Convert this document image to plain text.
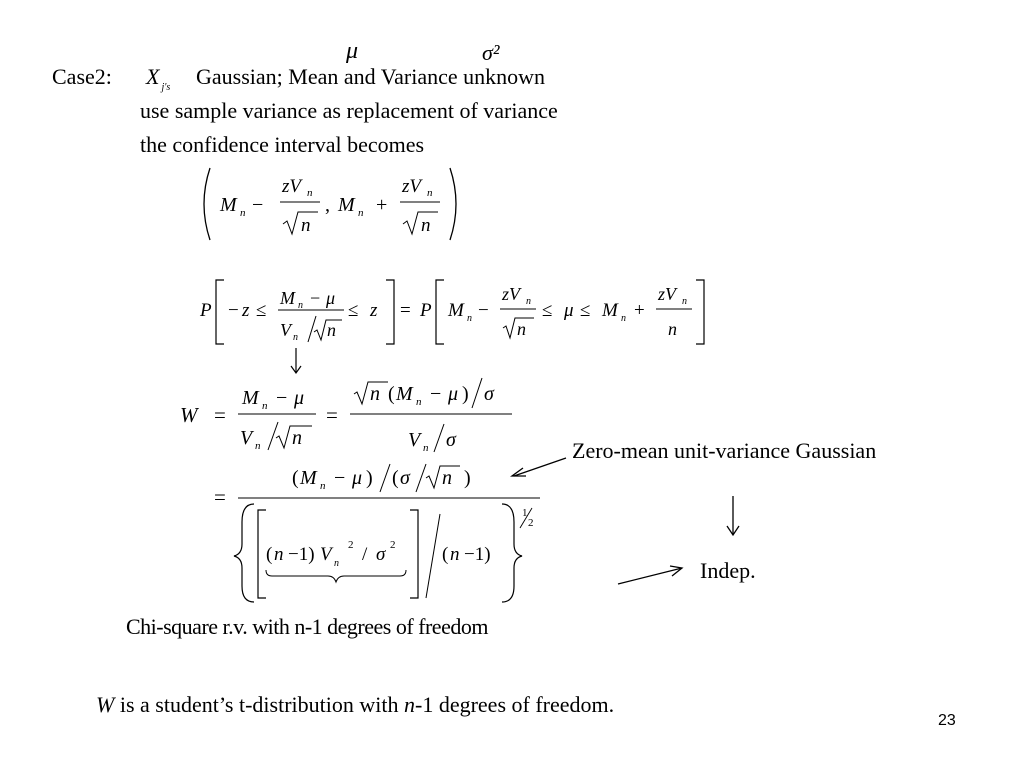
Case2: X $_{j's}$
μ	σ²
Gaussian; Mean and Variance unknown
use sample variance as replacement of variance
the confidence interval becomes
M n −
zV n
n
, M n +
zV n
n
P − z ≤
M n − μ
V n n
≤ z = P M n −
zV n
n
≤ μ ≤ M n +
zV n
n
W =
M n − μ
V n n
=
n ( M n − μ ) σ
V n σ
=
( M n − μ ) ( σ n )
( n −1) V n
2 / σ 2 ( n −1)
1
2
Zero-mean unit-variance Gaussian
Indep.
Chi-square r.v. with n-1 degrees of freedom
W is a student’s t-distribution with n-1 degrees of freedom.
23
